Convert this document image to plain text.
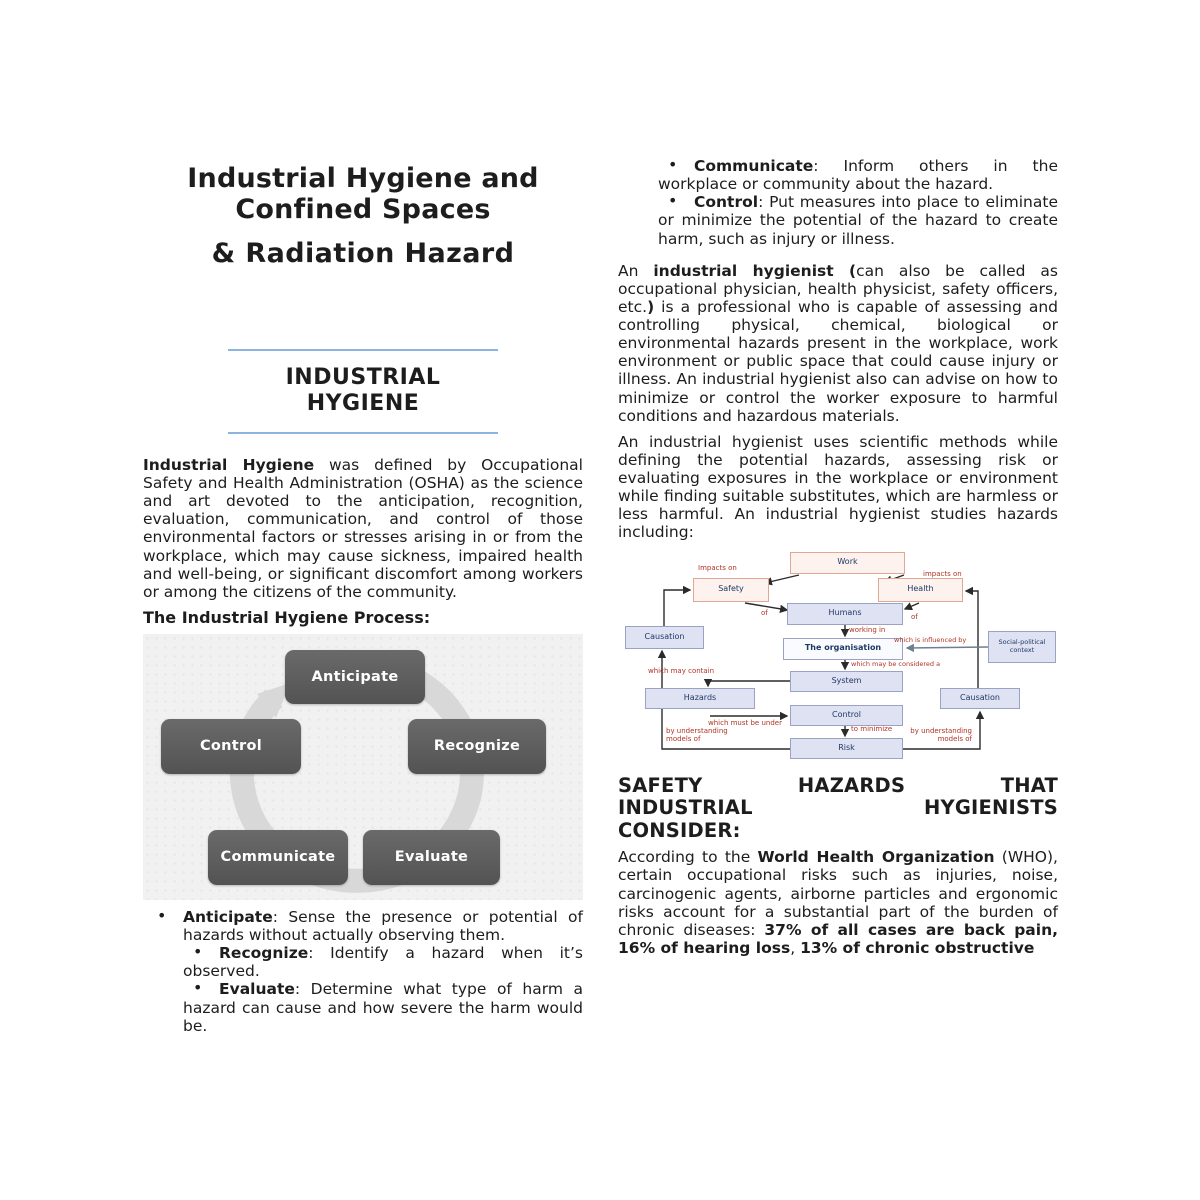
Industrial Hygiene and Confined Spaces
& Radiation Hazard
INDUSTRIAL HYGIENE

Industrial Hygiene was defined by Occupational Safety and Health Administration (OSHA) as the science and art devoted to the anticipation, recognition, evaluation, communication, and control of those environmental factors or stresses arising in or from the workplace, which may cause sickness, impaired health and well-being, or significant discomfort among workers or among the citizens of the community.

The Industrial Hygiene Process:
Anticipate
Recognize
Control
Communicate	Evaluate
• Anticipate: Sense the presence or potential of hazards without actually observing them.
• Recognize: Identify a hazard when it’s observed.
• Evaluate: Determine what type of harm a hazard can cause and how severe the harm would be.
• Communicate: Inform others in the workplace or community about the hazard.
• Control: Put measures into place to eliminate or minimize the potential of the hazard to create harm, such as injury or illness.

An industrial hygienist (can also be called as occupational physician, health physicist, safety officers, etc.) is a professional who is capable of assessing and controlling physical, chemical, biological or environmental hazards present in the workplace, work environment or public space that could cause injury or illness. An industrial hygienist also can advise on how to minimize or control the worker exposure to harmful conditions and hazardous materials.

An industrial hygienist uses scientific methods while defining the potential hazards, assessing risk or evaluating exposures in the workplace or environment while finding suitable substitutes, which are harmless or less harmful. An industrial hygienist studies hazards including:

Work
Safety	Health
Humans
Causation
The organisation
Social-political context
System
Hazards	Causation
Control
Risk
Impacts on
impacts on
of	of
working in
which is influenced by
which may be considered a
which may contain
which must be under
to minimize
by understanding models of
by understanding models of
SAFETY HAZARDS THAT
INDUSTRIAL HYGIENISTS
CONSIDER:

According to the World Health Organization (WHO), certain occupational risks such as injuries, noise, carcinogenic agents, airborne particles and ergonomic risks account for a substantial part of the burden of chronic diseases: 37% of all cases are back pain, 16% of hearing loss, 13% of chronic obstructive
